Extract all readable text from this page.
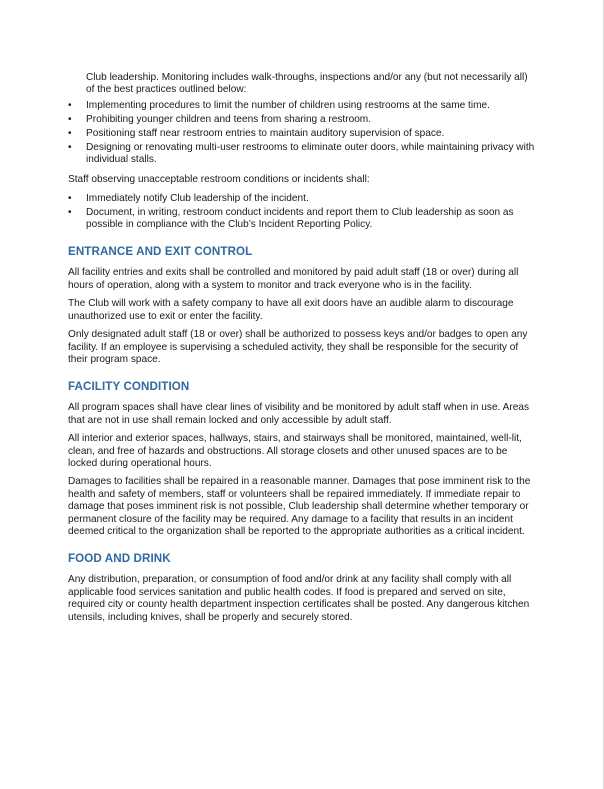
Club leadership. Monitoring includes walk-throughs, inspections and/or any (but not necessarily all) of the best practices outlined below:

•	Implementing procedures to limit the number of children using restrooms at the same time.
•	Prohibiting younger children and teens from sharing a restroom.
•	Positioning staff near restroom entries to maintain auditory supervision of space.
•	Designing or renovating multi-user restrooms to eliminate outer doors, while maintaining privacy with individual stalls.

Staff observing unacceptable restroom conditions or incidents shall:

•	Immediately notify Club leadership of the incident.
•	Document, in writing, restroom conduct incidents and report them to Club leadership as soon as possible in compliance with the Club’s Incident Reporting Policy.
ENTRANCE AND EXIT CONTROL

All facility entries and exits shall be controlled and monitored by paid adult staff (18 or over) during all hours of operation, along with a system to monitor and track everyone who is in the facility.

The Club will work with a safety company to have all exit doors have an audible alarm to discourage unauthorized use to exit or enter the facility.

Only designated adult staff (18 or over) shall be authorized to possess keys and/or badges to open any facility. If an employee is supervising a scheduled activity, they shall be responsible for the security of their program space.

FACILITY CONDITION

All program spaces shall have clear lines of visibility and be monitored by adult staff when in use. Areas that are not in use shall remain locked and only accessible by adult staff.

All interior and exterior spaces, hallways, stairs, and stairways shall be monitored, maintained, well-lit, clean, and free of hazards and obstructions. All storage closets and other unused spaces are to be locked during operational hours.

Damages to facilities shall be repaired in a reasonable manner. Damages that pose imminent risk to the health and safety of members, staff or volunteers shall be repaired immediately. If immediate repair to damage that poses imminent risk is not possible, Club leadership shall determine whether temporary or permanent closure of the facility may be required. Any damage to a facility that results in an incident deemed critical to the organization shall be reported to the appropriate authorities as a critical incident.

FOOD AND DRINK

Any distribution, preparation, or consumption of food and/or drink at any facility shall comply with all applicable food services sanitation and public health codes. If food is prepared and served on site, required city or county health department inspection certificates shall be posted. Any dangerous kitchen utensils, including knives, shall be properly and securely stored.
